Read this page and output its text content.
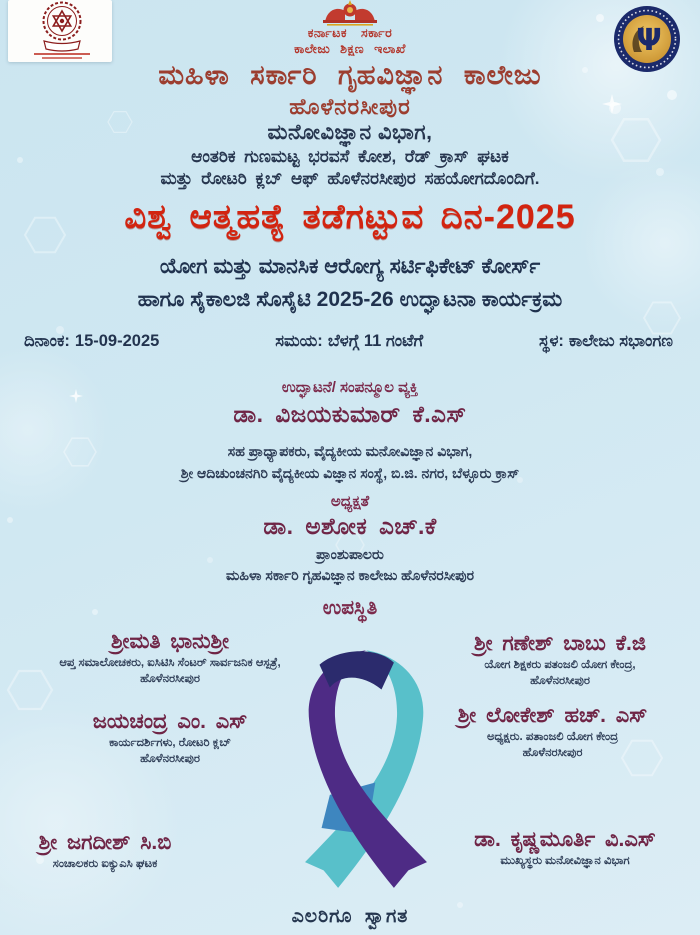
ಕರ್ನಾಟಕ ಸರ್ಕಾರ
ಕಾಲೇಜು ಶಿಕ್ಷಣ ಇಲಾಖೆ	Ψ
ಮಹಿಳಾ ಸರ್ಕಾರಿ ಗೃಹವಿಜ್ಞಾನ ಕಾಲೇಜು
ಹೊಳೆನರಸೀಪುರ
ಮನೋವಿಜ್ಞಾನ ವಿಭಾಗ,
ಆಂತರಿಕ ಗುಣಮಟ್ಟ ಭರವಸೆ ಕೋಶ, ರೆಡ್ ಕ್ರಾಸ್ ಘಟಕ
ಮತ್ತು ರೋಟರಿ ಕ್ಲಬ್ ಆಫ್ ಹೊಳೆನರಸೀಪುರ ಸಹಯೋಗದೊಂದಿಗೆ.
ವಿಶ್ವ ಆತ್ಮಹತ್ಯೆ ತಡೆಗಟ್ಟುವ ದಿನ-2025
ಯೋಗ ಮತ್ತು ಮಾನಸಿಕ ಆರೋಗ್ಯ ಸರ್ಟಿಫಿಕೇಟ್ ಕೋರ್ಸ್
ಹಾಗೂ ಸೈಕಾಲಜಿ ಸೊಸೈಟಿ 2025-26 ಉದ್ಘಾಟನಾ ಕಾರ್ಯಕ್ರಮ
ದಿನಾಂಕ: 15-09-2025	ಸಮಯ: ಬೆಳಗ್ಗೆ 11 ಗಂಟೆಗೆ	ಸ್ಥಳ: ಕಾಲೇಜು ಸಭಾಂಗಣ
ಉದ್ಘಾಟನೆ/ ಸಂಪನ್ಮೂಲ ವ್ಯಕ್ತಿ
ಡಾ. ವಿಜಯಕುಮಾರ್ ಕೆ.ಎಸ್
ಸಹ ಪ್ರಾಧ್ಯಾಪಕರು, ವೈದ್ಯಕೀಯ ಮನೋವಿಜ್ಞಾನ ವಿಭಾಗ,
ಶ್ರೀ ಆದಿಚುಂಚನಗಿರಿ ವೈದ್ಯಕೀಯ ವಿಜ್ಞಾನ ಸಂಸ್ಥೆ, ಬಿ.ಜಿ. ನಗರ, ಬೆಳ್ಳೂರು ಕ್ರಾಸ್
ಅಧ್ಯಕ್ಷತೆ
ಡಾ. ಅಶೋಕ ಎಚ್.ಕೆ
ಪ್ರಾಂಶುಪಾಲರು
ಮಹಿಳಾ ಸರ್ಕಾರಿ ಗೃಹವಿಜ್ಞಾನ ಕಾಲೇಜು ಹೊಳೆನರಸೀಪುರ
ಉಪಸ್ಥಿತಿ
ಶ್ರೀಮತಿ ಭಾನುಶ್ರೀ
ಆಪ್ತ ಸಮಾಲೋಚಕರು, ಐಸಿಟಿಸಿ ಸೆಂಟರ್ ಸಾರ್ವಜನಿಕ ಆಸ್ಪತ್ರೆ,
ಹೊಳೆನರಸೀಪುರ
ಜಯಚಂದ್ರ ಎಂ. ಎಸ್
ಕಾರ್ಯದರ್ಶಿಗಳು, ರೋಟರಿ ಕ್ಲಬ್
ಹೊಳೆನರಸೀಪುರ
ಶ್ರೀ ಜಗದೀಶ್ ಸಿ.ಬಿ
ಸಂಚಾಲಕರು ಐಕ್ಯುಎಸಿ ಘಟಕ
ಶ್ರೀ ಗಣೇಶ್ ಬಾಬು ಕೆ.ಜಿ
ಯೋಗ ಶಿಕ್ಷಕರು ಪತಂಜಲಿ ಯೋಗ ಕೇಂದ್ರ,
ಹೊಳೆನರಸೀಪುರ
ಶ್ರೀ ಲೋಕೇಶ್ ಹಚ್. ಎಸ್
ಅಧ್ಯಕ್ಷರು. ಪತಾಂಜಲಿ ಯೋಗ ಕೇಂದ್ರ
ಹೊಳೆನರಸೀಪುರ
ಡಾ. ಕೃಷ್ಣಮೂರ್ತಿ ವಿ.ಎಸ್
ಮುಖ್ಯಸ್ಥರು ಮನೋವಿಜ್ಞಾನ ವಿಭಾಗ
ಎಲರಿಗೂ ಸ್ವಾಗತ
